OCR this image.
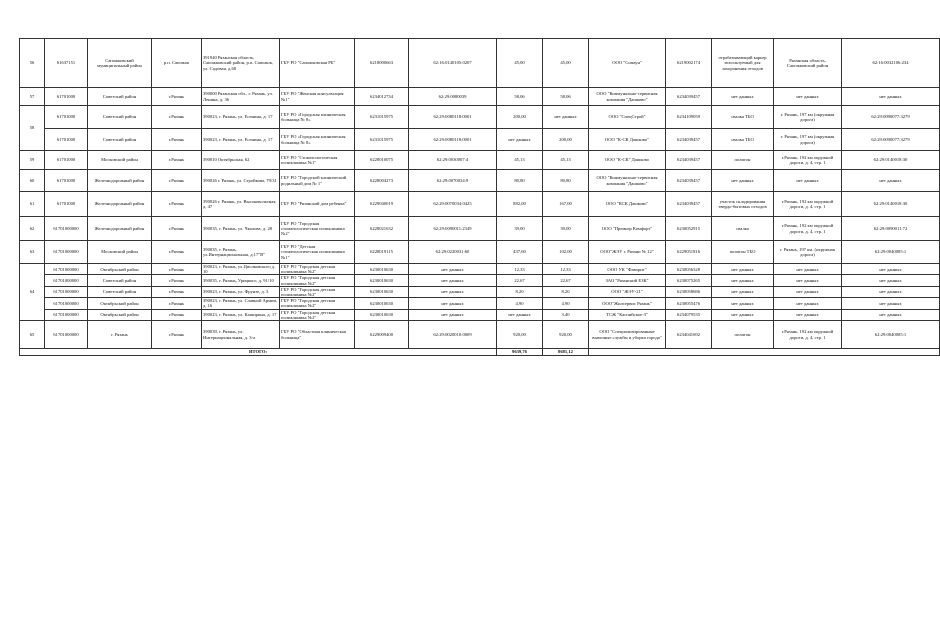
56	61637151	Сапожковский муниципальный район	р.п. Сапожок	391940 Рязанская область, Сапожковский район, р.п. Сапожок, ул. Садовая, д.68	ГБУ РО "Сапожковская РБ"	6218000663	62:16:0140105:0207	45,00	45,00	ООО "Сомаун"	6219002174	отрабатывающий карьер используемый для захоронения отходов	Рязанская область, Сапожковский район	62:16:0032106:234
57	61701000	Советский район	г.Рязань	390000 Рязанская обл., г. Рязань, ул. Ленина, д. 36	ГБУ РО "Женская консультация №1"	6234012734	62:29:0080039	58,06	58,06	ООО "Коммунально-сервисная компания "Дашково"	6234039457	нет данных	нет данных	нет данных
58	61701000	Советский район	г.Рязань	390023, г. Рязань, ул. Есенина, д. 17	ГБУ РО «Городская клиническая больница № 8»	6231015975	62:29:0080118:0001	200,00	нет данных	ООО "СпецСтрой"	6234109059	свалка ТБО	г. Рязань, 197 км (окружная дорога)	62:29:0090077:3279
	61701000	Советский район	г.Рязань	390023, г. Рязань, ул. Есенина, д. 17	ГБУ РО «Городская клиническая больница № 8»	6231015975	62:29:0080118:0001	нет данных	200,00	ООО "К-СК Дашково"	6234039457	свалка ТБО	г. Рязань, 197 км (окружная дорога)	62:29:0090077:3279
59	61701000	Московский район	г.Рязань	390010 Октябрьская, 62	ГБУ РО "Стоматологическая поликлиника №1"	6228010075	62:29:0030007:4	45,13	45,13	ООО "К-СК" Дашково	6234039457	полигон	г.Рязань, 192 км окружной дороги, д. 4, стр. 1	62:29:0140018:30
60	61701000	Железнодорожный район	г.Рязань	390026 г. Рязань, ул. Стройкова, 79/31	ГБУ РО "Городской клинический родильный дом № 1"	6228004273	62:29:0070034:9	80,80	80,80	ООО "Коммунально-сервисная компания "Дашково"	6234039457	нет данных	нет данных	нет данных
61	61701000	Железнодорожный район	г.Рязань	390026 г. Рязань, ул. Высоковольтная д. 47	ГБУ РО "Рязанский дом ребенка"	6229040019	62:29:0070034:0425	882,00	167,00	ООО "КСК Дашково"	6234039457	участок складирования твердо-бытовых отходов	г.Рязань, 192 км окружной дороги, д. 4, стр. 1	62:29:0140018:30
62	61701000000	Железнодорожный район	г.Рязань	390035, г. Рязань, ул. Чкалова, д. 28	ГБУ РО "Городская стоматологическая поликлиника №2"	6228021632	62:29:0090011:2349	39,00	39,00	ООО "Премьер Комфорт"	6230052915	свалка	г.Рязань, 192 км окружной дороги, д. 4, стр. 1	62:29:0090011:72
63	61701000000	Московский район	г.Рязань	390035, г. Рязань, ул.Интернациональная, д.17"В"	ГБУ РО "Детская стоматологическая поликлиника №1"	6228019115	62:29:0220031:60	437,60	102,00	ООО"ЖЭУ г. Рязани № 12"	6229051816	полигон ТБО	г. Рязань, 197 км. (окружная дорога)	62:29:0040085:1
64	61701000000	Октябрьский район	г.Рязань	390023, г. Рязань, ул.Циолковского д. 10	ГБУ РО "Городская детская поликлиника №2"	6230010630	нет данных	12,33	12,33	ООО УК "Фаворит"	6230056328	нет данных	нет данных	нет данных
	61701000000	Советский район	г.Рязань	390035, г. Рязань, Урицкого, д. 91/10	ГБУ РО "Городская детская поликлиника №2"	6230010630	нет данных	22,67	22,67	ЗАО "Рязанский ЕЗК"	6230075265	нет данных	нет данных	нет данных
	61701000000	Советский район	г.Рязань	390023, г. Рязань, ул. Фрунзе, д. 3	ГБУ РО "Городская детская поликлиника №2"	6230010630	нет данных	8,20	8,20	ООО "ЖЭУ-21"	6230058686	нет данных	нет данных	нет данных
	61701000000	Октябрьский район	г.Рязань	390023, г. Рязань, ул. Славной Армии, д. 16	ГБУ РО "Городская детская поликлиника №2"	6230010630	нет данных	4,90	4,90	ООО"Жилсервис Рязань"	6230055476	нет данных	нет данных	нет данных
	61701000000	Октябрьский район	г.Рязань	390023, г. Рязань, ул. Каширина, д. 17	ГБУ РО "Городская детская поликлиника №2"	6230010630	нет данных	нет данных	3,40	ТСЖ "Каспийское-3"	6234079535	нет данных	нет данных	нет данных
65	61701000000	г. Рязань	г.Рязань	390039, г. Рязань, ул. Интернациональная, д. 3-а	ГБУ РО "Областная клиническая больница"	6229009400	62:29:0020010:0009	920,00	920,00	ООО "Специализированные вывозные службы и уборка города"	6234041692	полигон	г.Рязань, 192 км окружной дороги, д. 4, стр. 1	62:29:0040085:1
ИТОГО:								9639,76	8681,12					
